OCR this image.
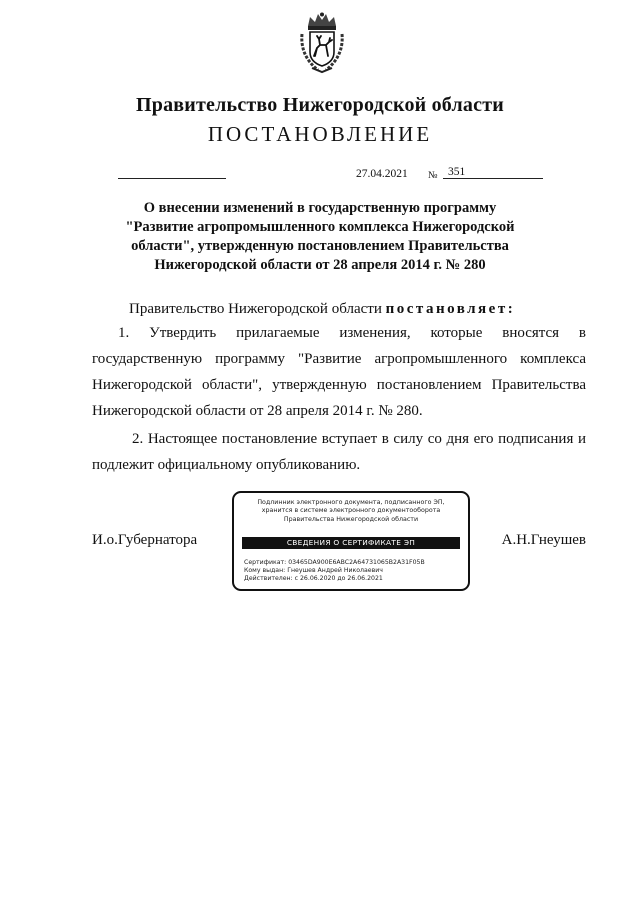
Правительство Нижегородской области
ПОСТАНОВЛЕНИЕ
27.04.2021 № 351
О внесении изменений в государственную программу "Развитие агропромышленного комплекса Нижегородской области", утвержденную постановлением Правительства Нижегородской области от 28 апреля 2014 г. № 280
Правительство Нижегородской области постановляет:
1. Утвердить прилагаемые изменения, которые вносятся в государственную программу "Развитие агропромышленного комплекса Нижегородской области", утвержденную постановлением Правительства Нижегородской области от 28 апреля 2014 г. № 280.
2. Настоящее постановление вступает в силу со дня его подписания и подлежит официальному опубликованию.
И.о.Губернатора	А.Н.Гнеушев
Подлинник электронного документа, подписанного ЭП,
хранится в системе электронного документооборота
Правительства Нижегородской области
СВЕДЕНИЯ О СЕРТИФИКАТЕ ЭП
Сертификат: 03465DA900E6ABC2A64731065B2A31F05B
Кому выдан: Гнеушев Андрей Николаевич
Действителен: с 26.06.2020 до 26.06.2021
